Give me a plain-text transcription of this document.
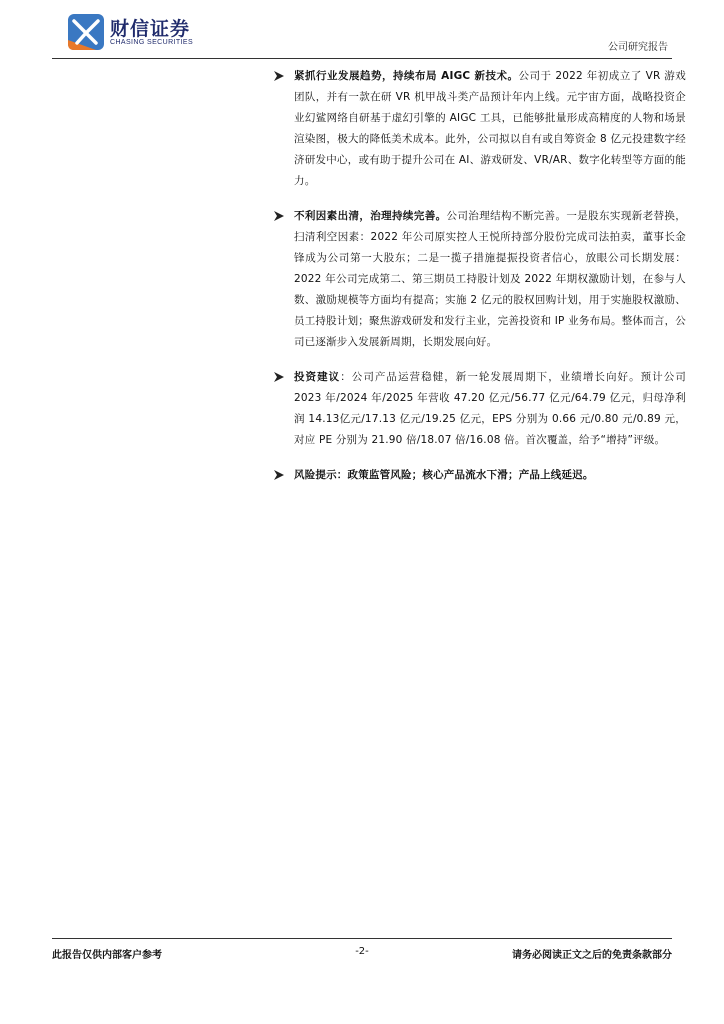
财信证券
CHASING SECURITIES	公司研究报告

紧抓行业发展趋势，持续布局 AIGC 新技术。公司于 2022 年初成立了 VR 游戏团队，并有一款在研 VR 机甲战斗类产品预计年内上线。元宇宙方面，战略投资企业幻鲨网络自研基于虚幻引擎的 AIGC 工具，已能够批量形成高精度的人物和场景渲染图，极大的降低美术成本。此外，公司拟以自有或自筹资金 8 亿元投建数字经济研发中心，或有助于提升公司在 AI、游戏研发、VR/AR、数字化转型等方面的能力。

不利因素出清，治理持续完善。公司治理结构不断完善。一是股东实现新老替换，扫清利空因素：2022 年公司原实控人王悦所持部分股份完成司法拍卖，董事长金锋成为公司第一大股东；二是一揽子措施提振投资者信心，放眼公司长期发展：2022 年公司完成第二、第三期员工持股计划及 2022 年期权激励计划，在参与人数、激励规模等方面均有提高；实施 2 亿元的股权回购计划，用于实施股权激励、员工持股计划；聚焦游戏研发和发行主业，完善投资和 IP 业务布局。整体而言，公司已逐渐步入发展新周期，长期发展向好。

投资建议：公司产品运营稳健，新一轮发展周期下，业绩增长向好。预计公司 2023 年/2024 年/2025 年营收 47.20 亿元/56.77 亿元/64.79 亿元，归母净利润 14.13亿元/17.13 亿元/19.25 亿元，EPS 分别为 0.66 元/0.80 元/0.89 元，对应 PE 分别为 21.90 倍/18.07 倍/16.08 倍。首次覆盖，给予“增持”评级。

风险提示：政策监管风险；核心产品流水下滑；产品上线延迟。

此报告仅供内部客户参考	-2-	请务必阅读正文之后的免责条款部分
